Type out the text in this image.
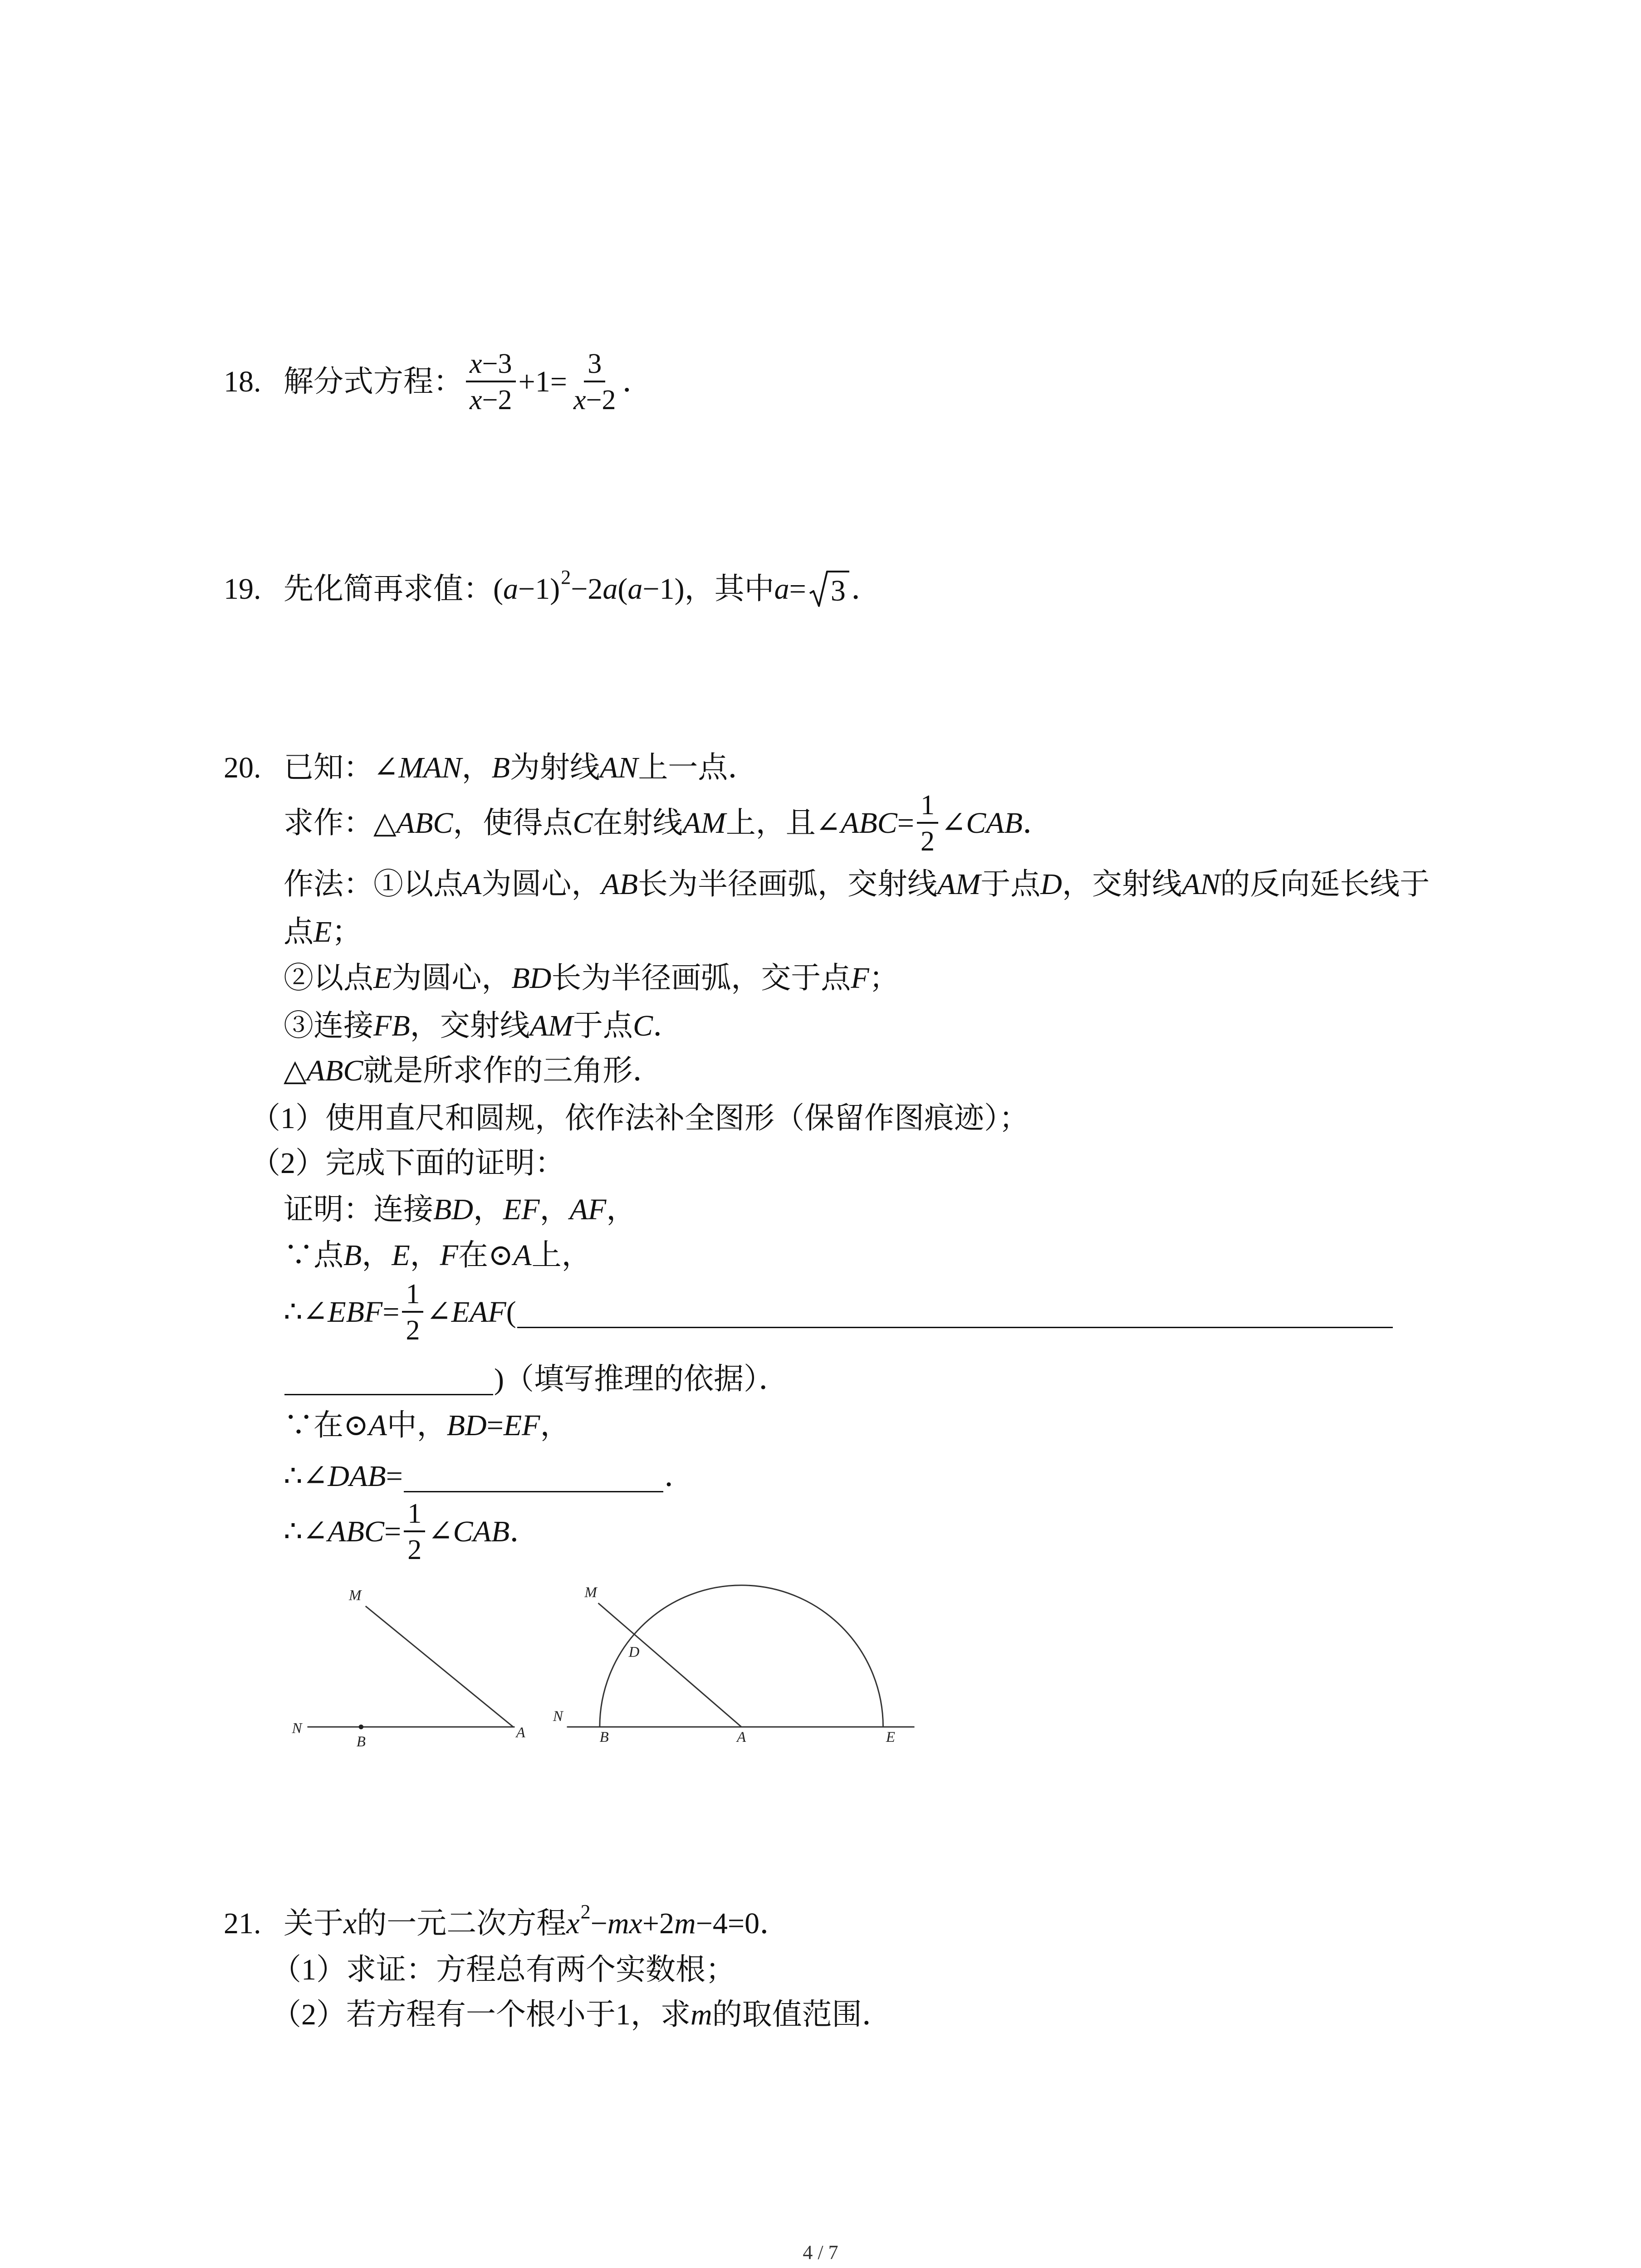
18. 解分式方程： $\frac{x -3}{x -2} +1= \frac{3}{x -2}$ ．
19. 先化简再求值： ( a −1) 2 −2 a ( a −1)，其中 a = 3 ．
20. 已知：∠ MAN ， B 为射线 AN 上一点．
求作：△ ABC ，使得点 C 在射线 AM 上，且∠ ABC = $\frac{1}{2}$ ∠ CAB ．
作法：①以点 A 为圆心， AB 长为半径画弧，交射线 AM 于点 D ，交射线 AN 的反向延长线于
点 E ；
②以点 E 为圆心， BD 长为半径画弧，交于点 F ；
③连接 FB ，交射线 AM 于点 C ．
△ ABC 就是所求作的三角形．
（1）使用直尺和圆规，依作法补全图形（保留作图痕迹）；
（2）完成下面的证明：
证明：连接 BD ， EF ， AF ，
∵点 B ， E ， F 在⊙ A 上，
∴∠ EBF = $\frac{1}{2}$ ∠ EAF (
)（填写推理的依据）．
∵在⊙ A 中， BD = EF ，
∴∠ DAB =	．
∴∠ ABC = $\frac{1}{2}$ ∠ CAB ．
M
N
B
A
M
D
N
B	A	E
21. 关于 x 的一元二次方程 x 2 − mx +2 m −4=0．
（1）求证：方程总有两个实数根；
（2）若方程有一个根小于1，求 m 的取值范围．
4 / 7
